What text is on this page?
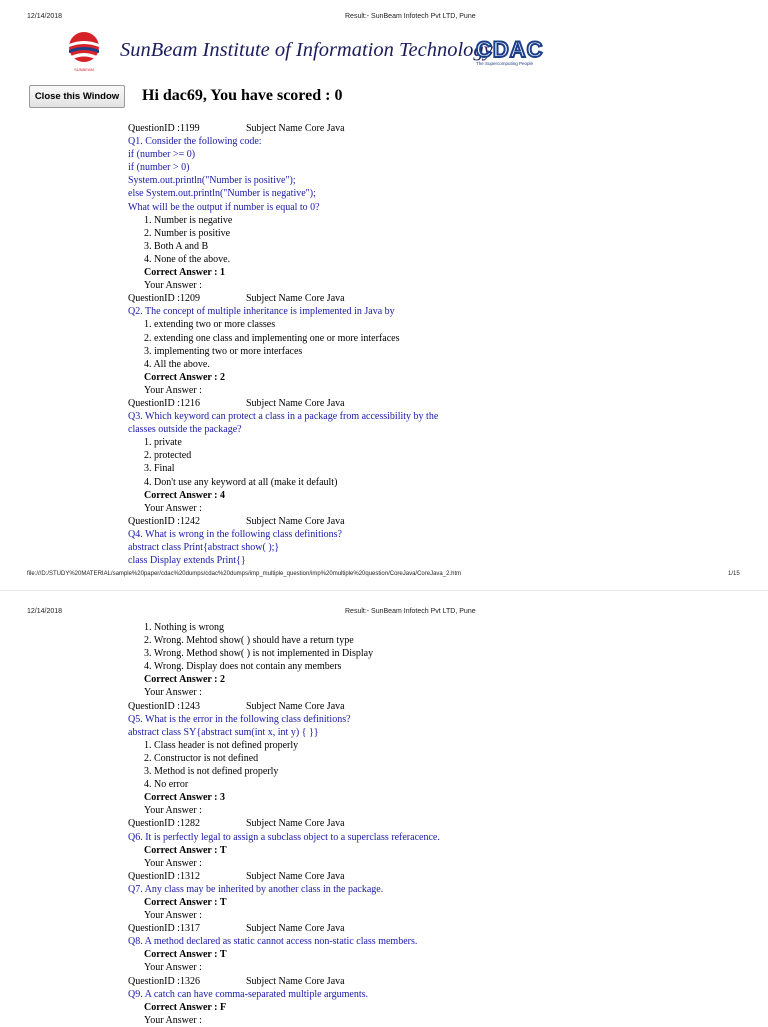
12/14/2018	Result:- SunBeam Infotech Pvt LTD, Pune
SUNBEAM
SunBeam Institute of Information Technology
CDAC
The Supercomputing People
Close this Window	Hi dac69, You have scored : 0
QuestionID :1199	Subject Name Core Java
Q1. Consider the following code:
if (number >= 0)
if (number > 0)
System.out.println("Number is positive");
else System.out.println("Number is negative");
What will be the output if number is equal to 0?
1. Number is negative
2. Number is positive
3. Both A and B
4. None of the above.
Correct Answer : 1
Your Answer :
QuestionID :1209	Subject Name Core Java
Q2. The concept of multiple inheritance is implemented in Java by
1. extending two or more classes
2. extending one class and implementing one or more interfaces
3. implementing two or more interfaces
4. All the above.
Correct Answer : 2
Your Answer :
QuestionID :1216	Subject Name Core Java
Q3. Which keyword can protect a class in a package from accessibility by the
classes outside the package?
1. private
2. protected
3. Final
4. Don't use any keyword at all (make it default)
Correct Answer : 4
Your Answer :
QuestionID :1242	Subject Name Core Java
Q4. What is wrong in the following class definitions?
abstract class Print{abstract show( );}
class Display extends Print{}
file:///D:/STUDY%20MATERIAL/sample%20paper/cdac%20dumps/cdac%20dumps/imp_multiple_question/imp%20multiple%20question/CoreJava/CoreJava_2.htm	1/15
12/14/2018	Result:- SunBeam Infotech Pvt LTD, Pune
1. Nothing is wrong
2. Wrong. Mehtod show( ) should have a return type
3. Wrong. Method show( ) is not implemented in Display
4. Wrong. Display does not contain any members
Correct Answer : 2
Your Answer :
QuestionID :1243	Subject Name Core Java
Q5. What is the error in the following class definitions?
abstract class SY{abstract sum(int x, int y) { }}
1. Class header is not defined properly
2. Constructor is not defined
3. Method is not defined properly
4. No error
Correct Answer : 3
Your Answer :
QuestionID :1282	Subject Name Core Java
Q6. It is perfectly legal to assign a subclass object to a superclass referacence.
Correct Answer : T
Your Answer :
QuestionID :1312	Subject Name Core Java
Q7. Any class may be inherited by another class in the package.
Correct Answer : T
Your Answer :
QuestionID :1317	Subject Name Core Java
Q8. A method declared as static cannot access non-static class members.
Correct Answer : T
Your Answer :
QuestionID :1326	Subject Name Core Java
Q9. A catch can have comma-separated multiple arguments.
Correct Answer : F
Your Answer :
